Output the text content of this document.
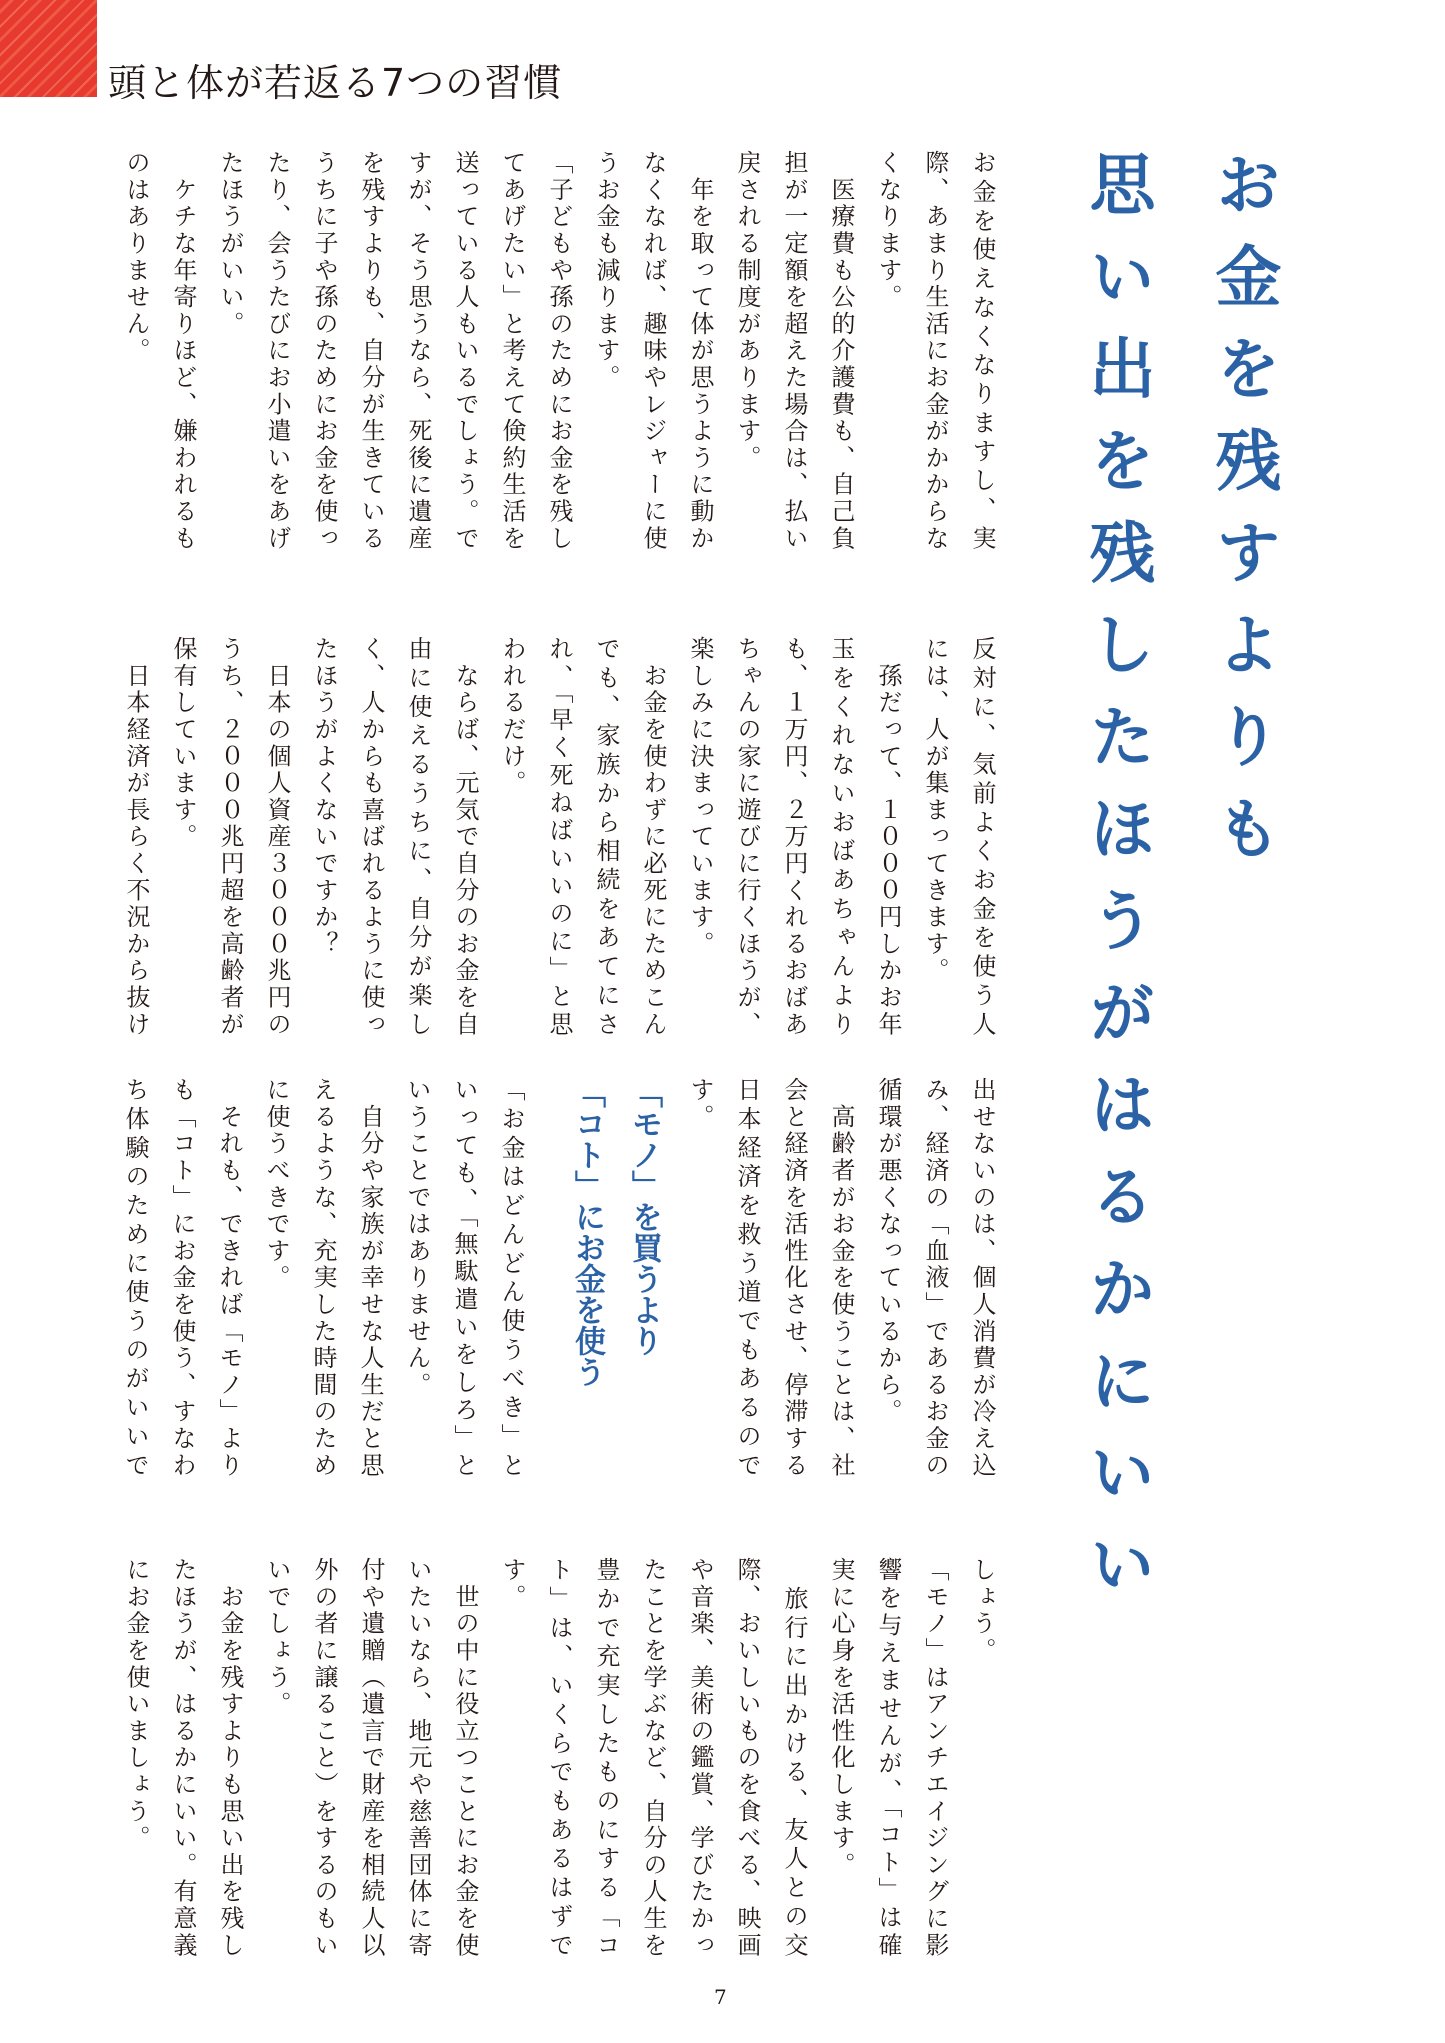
頭と体が若返る7つの習慣
お金を残すよりも
思い出を残したほうがはるかにいい
お金を使えなくなりますし、実
際、あまり生活にお金がかからな
くなります。
　医療費も公的介護費も、自己負
担が一定額を超えた場合は、払い
戻される制度があります。
　年を取って体が思うように動か
なくなれば、趣味やレジャーに使
うお金も減ります。
「子どもや孫のためにお金を残し
てあげたい」と考えて倹約生活を
送っている人もいるでしょう。で
すが、そう思うなら、死後に遺産
を残すよりも、自分が生きている
うちに子や孫のためにお金を使っ
たり、会うたびにお小遣いをあげ
たほうがいい。
　ケチな年寄りほど、嫌われるも
のはありません。
反対に、気前よくお金を使う人
には、人が集まってきます。
　孫だって、１０００円しかお年
玉をくれないおばあちゃんより
も、１万円、２万円くれるおばあ
ちゃんの家に遊びに行くほうが、
楽しみに決まっています。
　お金を使わずに必死にためこん
でも、家族から相続をあてにさ
れ、「早く死ねばいいのに」と思
われるだけ。
　ならば、元気で自分のお金を自
由に使えるうちに、自分が楽し
く、人からも喜ばれるように使っ
たほうがよくないですか？
　日本の個人資産３０００兆円の
うち、２０００兆円超を高齢者が
保有しています。
　日本経済が長らく不況から抜け
出せないのは、個人消費が冷え込
み、経済の「血液」であるお金の
循環が悪くなっているから。
　高齢者がお金を使うことは、社
会と経済を活性化させ、停滞する
日本経済を救う道でもあるので
す。
「モノ」を買うより
「コト」にお金を使う
「お金はどんどん使うべき」と
いっても、「無駄遣いをしろ」と
いうことではありません。
　自分や家族が幸せな人生だと思
えるような、充実した時間のため
に使うべきです。
　それも、できれば「モノ」より
も「コト」にお金を使う、すなわ
ち体験のために使うのがいいで
しょう。
「モノ」はアンチエイジングに影
響を与えませんが、「コト」は確
実に心身を活性化します。
　旅行に出かける、友人との交
際、おいしいものを食べる、映画
や音楽、美術の鑑賞、学びたかっ
たことを学ぶなど、自分の人生を
豊かで充実したものにする「コ
ト」は、いくらでもあるはずで
す。
　世の中に役立つことにお金を使
いたいなら、地元や慈善団体に寄
付や遺贈（遺言で財産を相続人以
外の者に譲ること）をするのもい
いでしょう。
　お金を残すよりも思い出を残し
たほうが、はるかにいい。有意義
にお金を使いましょう。
7
